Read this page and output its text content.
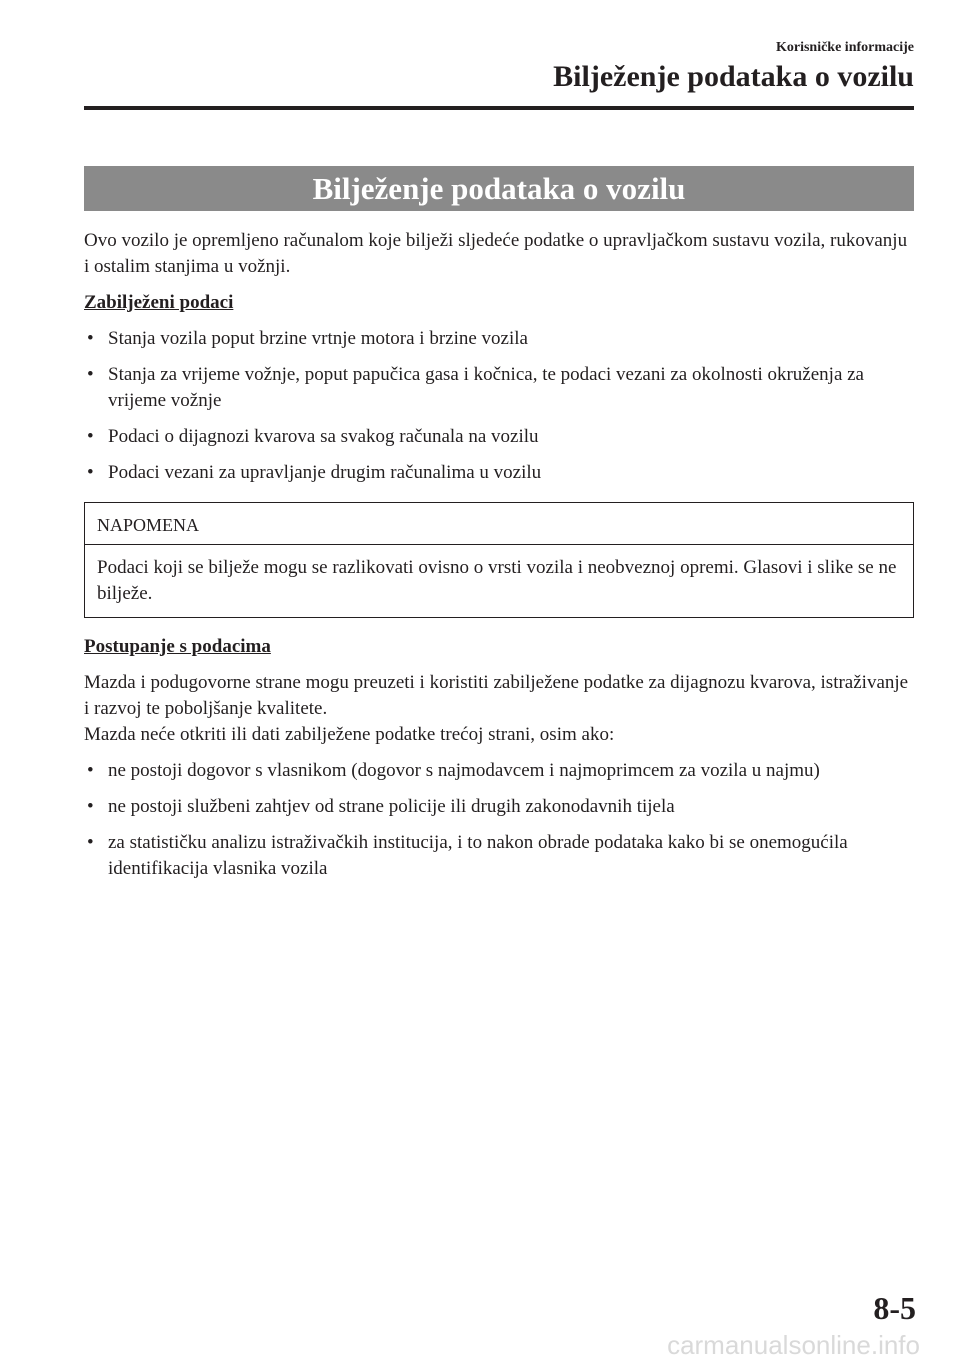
Korisničke informacije
Bilježenje podataka o vozilu
Bilježenje podataka o vozilu

Ovo vozilo je opremljeno računalom koje bilježi sljedeće podatke o upravljačkom sustavu vozila, rukovanju i ostalim stanjima u vožnji.

Zabilježeni podaci

• Stanja vozila poput brzine vrtnje motora i brzine vozila
• Stanja za vrijeme vožnje, poput papučica gasa i kočnica, te podaci vezani za okolnosti okruženja za vrijeme vožnje
• Podaci o dijagnozi kvarova sa svakog računala na vozilu
• Podaci vezani za upravljanje drugim računalima u vozilu
NAPOMENA
Podaci koji se bilježe mogu se razlikovati ovisno o vrsti vozila i neobveznoj opremi. Glasovi i slike se ne bilježe.

Postupanje s podacima

Mazda i podugovorne strane mogu preuzeti i koristiti zabilježene podatke za dijagnozu kvarova, istraživanje i razvoj te poboljšanje kvalitete.

Mazda neće otkriti ili dati zabilježene podatke trećoj strani, osim ako:

• ne postoji dogovor s vlasnikom (dogovor s najmodavcem i najmoprimcem za vozila u najmu)
• ne postoji službeni zahtjev od strane policije ili drugih zakonodavnih tijela
• za statističku analizu istraživačkih institucija, i to nakon obrade podataka kako bi se onemogućila identifikacija vlasnika vozila
8-5
carmanualsonline.info
